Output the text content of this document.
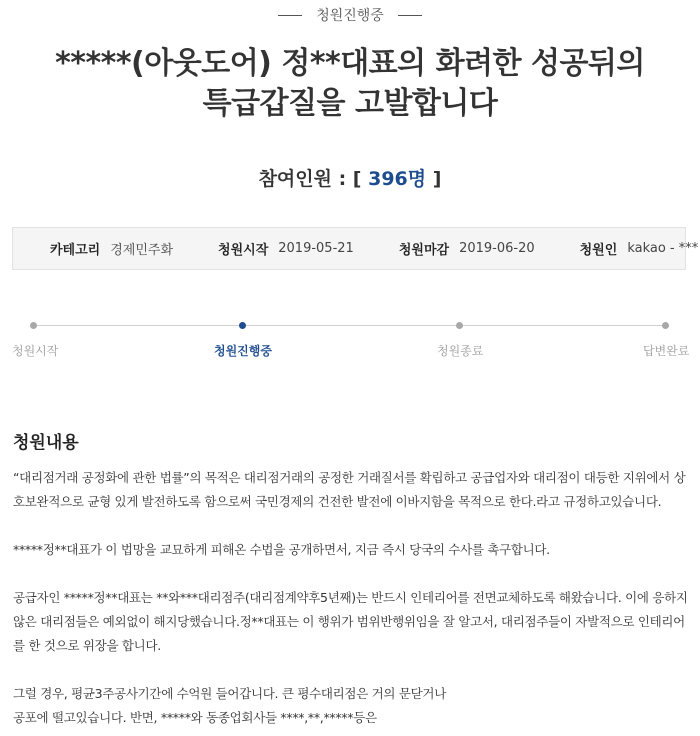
청원진행중
*****(아웃도어) 정**대표의 화려한 성공뒤의
특급갑질을 고발합니다
참여인원 : [ 396명 ]
카테고리 경제민주화	청원시작 2019-05-21	청원마감 2019-06-20	청원인 kakao - ***
청원시작	청원진행중	청원종료	답변완료
청원내용

“대리점거래 공정화에 관한 법률”의 목적은 대리점거래의 공정한 거래질서를 확립하고 공급업자와 대리점이 대등한 지위에서 상호보완적으로 균형 있게 발전하도록 함으로써 국민경제의 건전한 발전에 이바지함을 목적으로 한다.라고 규정하고있습니다.

*****정**대표가 이 법망을 교묘하게 피해온 수법을 공개하면서, 지금 즉시 당국의 수사를 촉구합니다.

공급자인 *****정**대표는 **와***대리점주(대리점계약후5년째)는 반드시 인테리어를 전면교체하도록 해왔습니다. 이에 응하지 않은 대리점들은 예외없이 해지당했습니다.정**대표는 이 행위가 범위반행위임을 잘 알고서, 대리점주들이 자발적으로 인테리어를 한 것으로 위장을 합니다.

그럴 경우, 평균3주공사기간에 수억원 들어갑니다. 큰 평수대리점은 거의 문닫거나

공포에 떨고있습니다. 반면, *****와 동종업회사들 ****,**,*****등은
